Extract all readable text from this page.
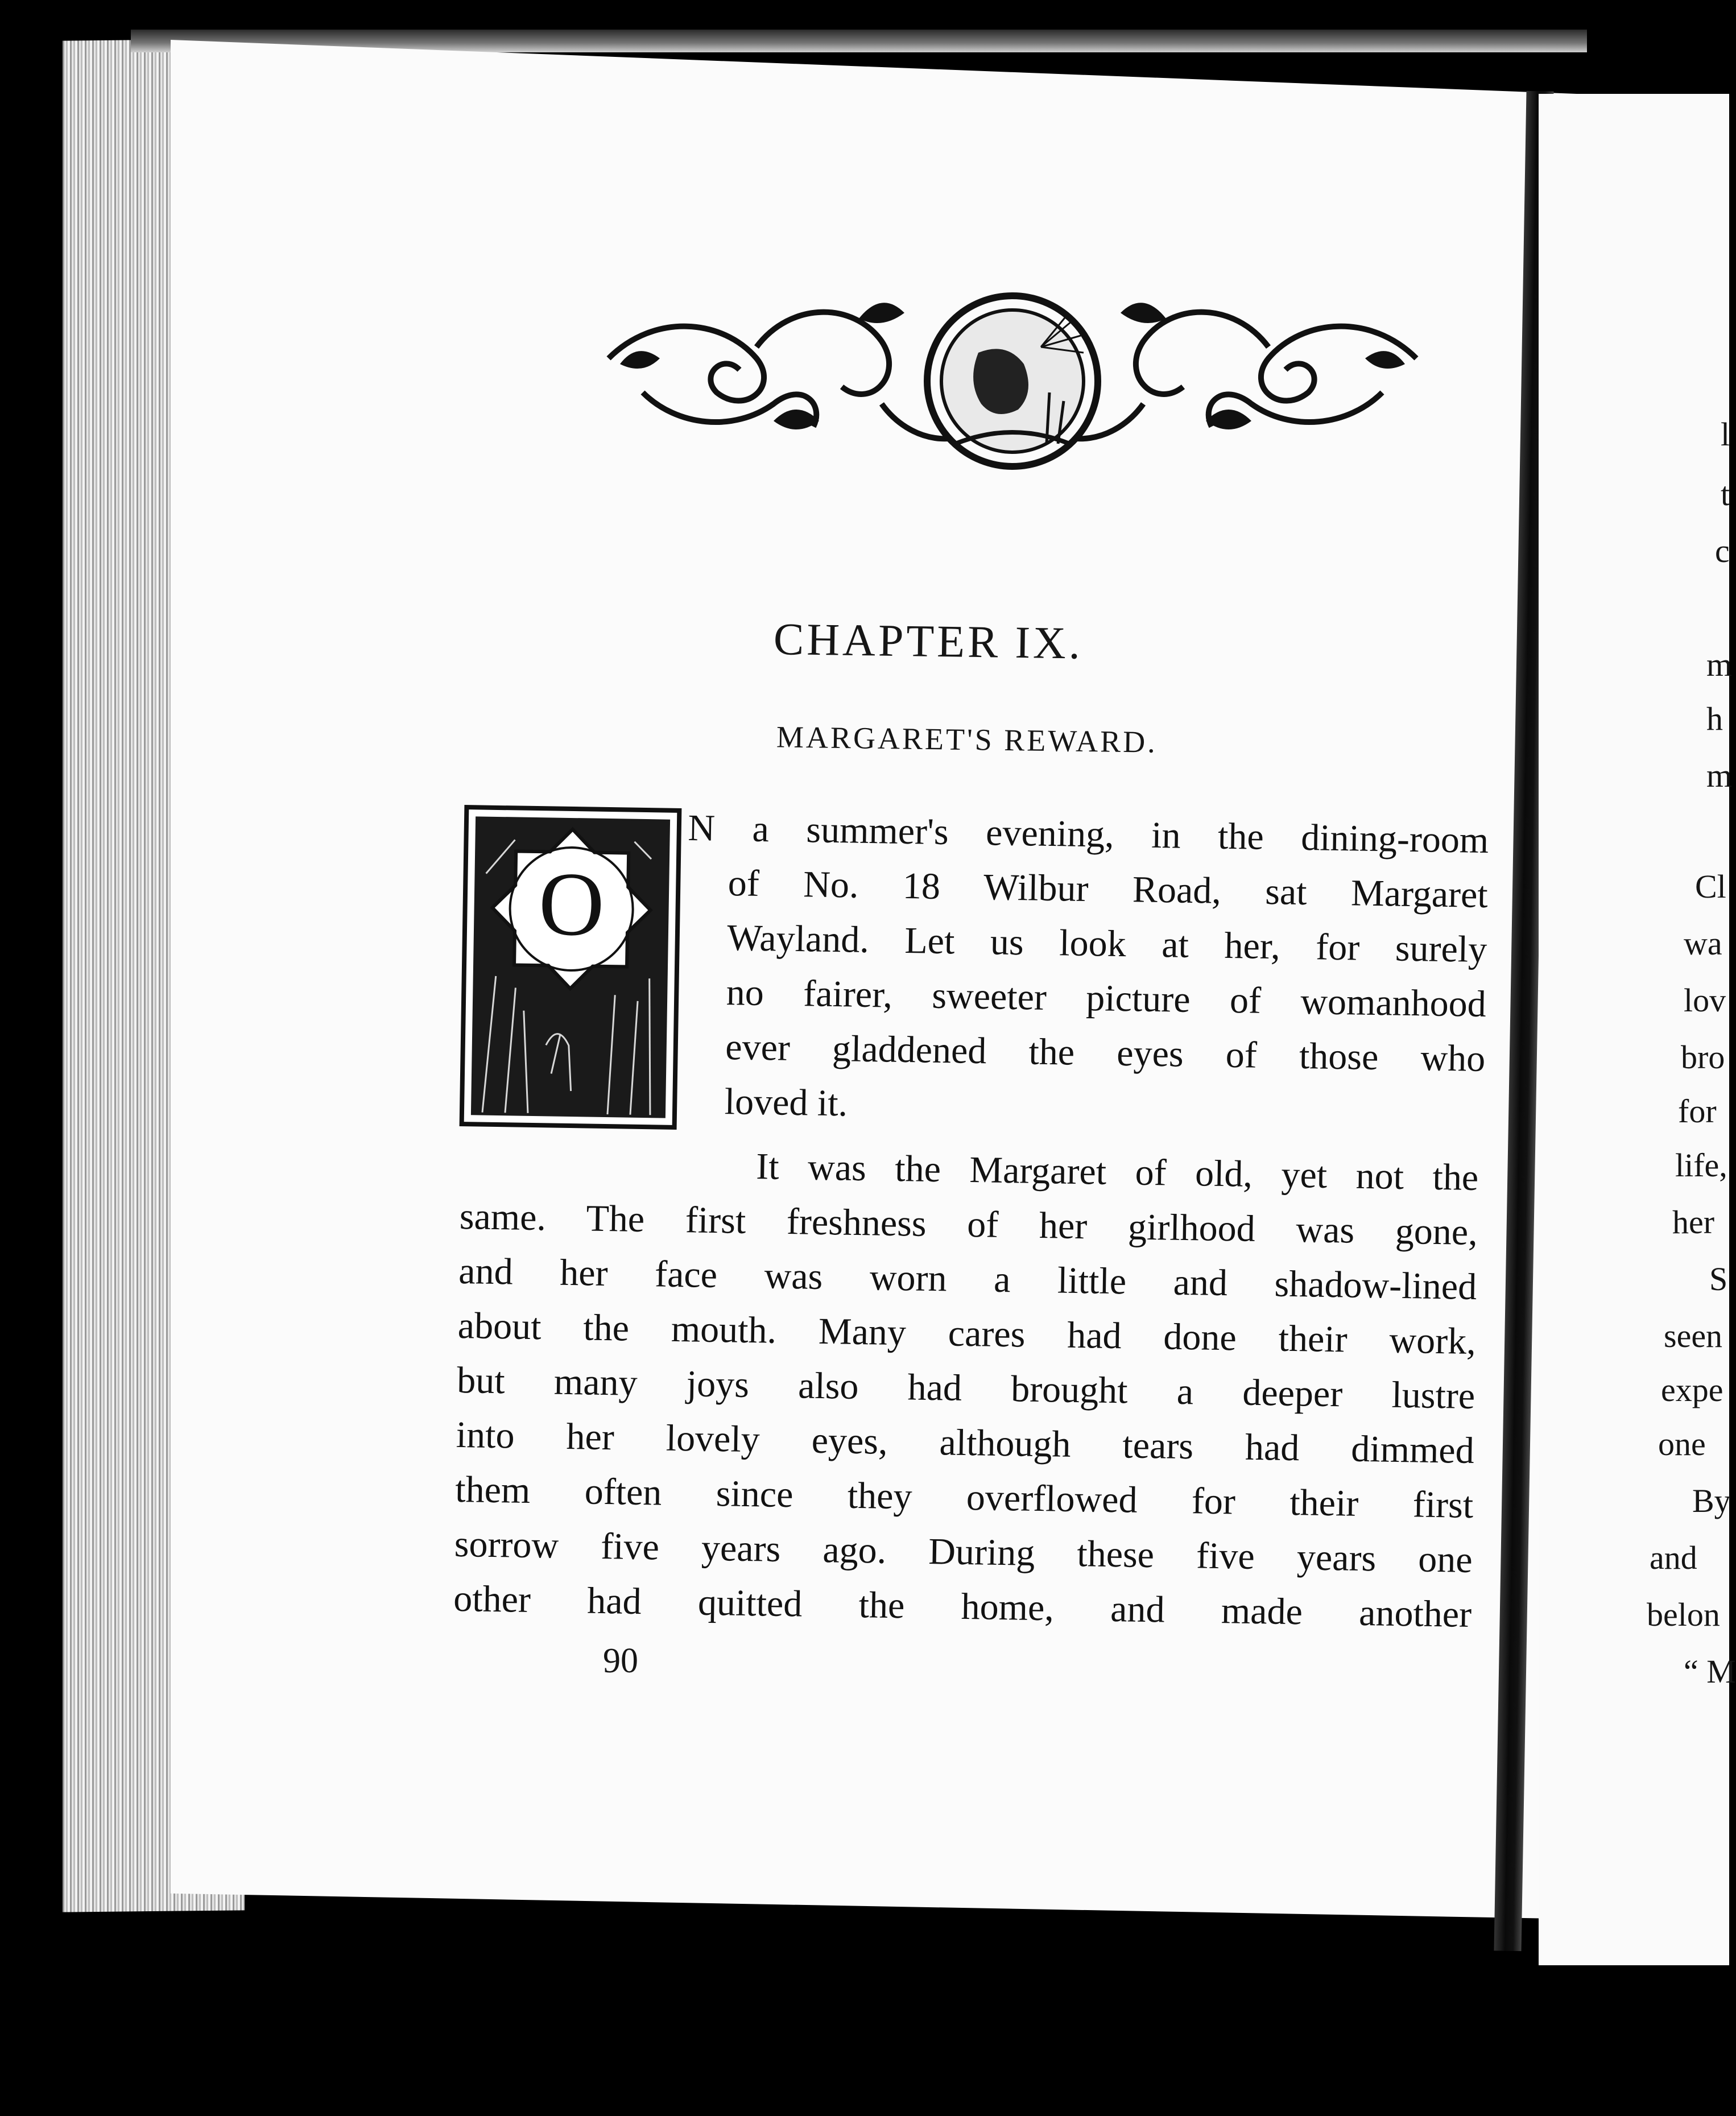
CHAPTER IX.
MARGARET'S REWARD.
O
N a summer's evening, in the dining-room
of No. 18 Wilbur Road, sat Margaret
Wayland. Let us look at her, for surely
no fairer, sweeter picture of womanhood
ever gladdened the eyes of those who
loved it.
It was the Margaret of old, yet not the
same. The first freshness of her girlhood was gone,
and her face was worn a little and shadow-lined
about the mouth. Many cares had done their work,
but many joys also had brought a deeper lustre
into her lovely eyes, although tears had dimmed
them often since they overflowed for their first
sorrow five years ago. During these five years one
other had quitted the home, and made another
90
l
t
c
m
h
m
Cl
wa
lov
bro
for
life,
her
S
seen
expe
one
By
and
belon
“ M
